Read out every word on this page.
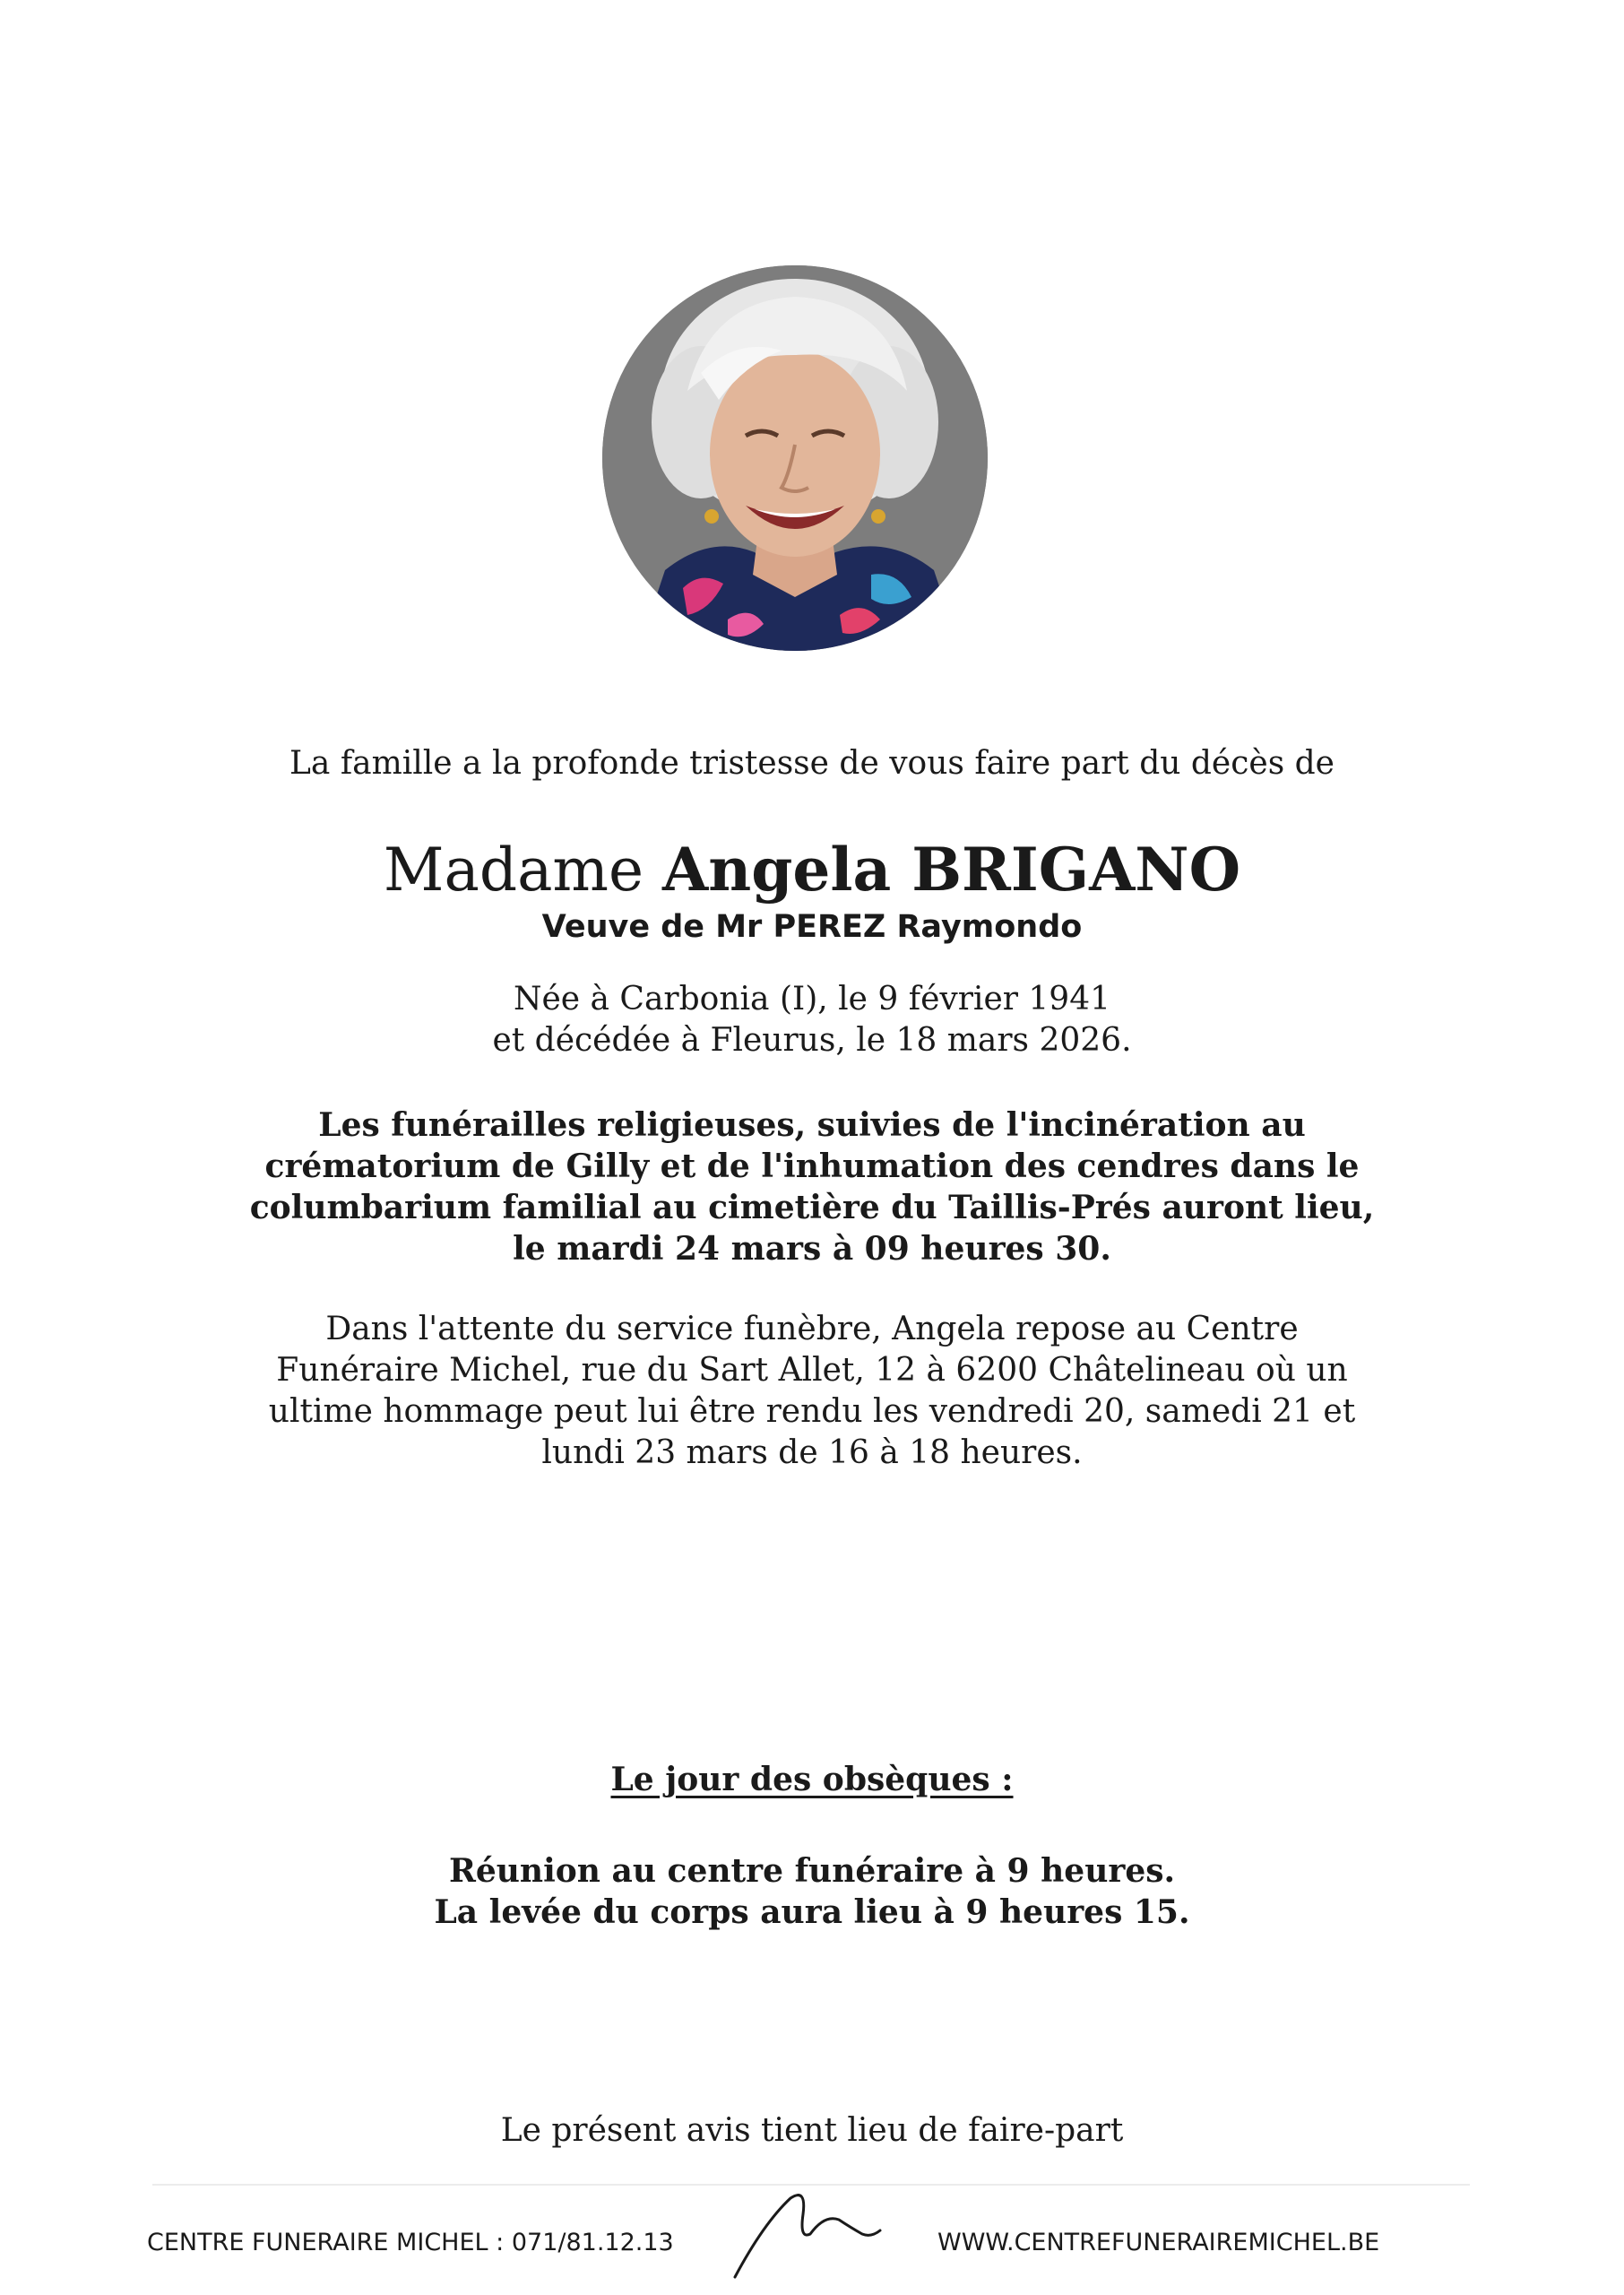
La famille a la profonde tristesse de vous faire part du décès de
Madame Angela BRIGANO
Veuve de Mr PEREZ Raymondo
Née à Carbonia (I), le 9 février 1941
et décédée à Fleurus, le 18 mars 2026.
Les funérailles religieuses, suivies de l'incinération au
crématorium de Gilly et de l'inhumation des cendres dans le
columbarium familial au cimetière du Taillis-Prés auront lieu,
le mardi 24 mars à 09 heures 30.
Dans l'attente du service funèbre, Angela repose au Centre
Funéraire Michel, rue du Sart Allet, 12 à 6200 Châtelineau où un
ultime hommage peut lui être rendu les vendredi 20, samedi 21 et
lundi 23 mars de 16 à 18 heures.
Le jour des obsèques :
Réunion au centre funéraire à 9 heures.
La levée du corps aura lieu à 9 heures 15.
Le présent avis tient lieu de faire-part
CENTRE FUNERAIRE MICHEL : 071/81.12.13	WWW.CENTREFUNERAIREMICHEL.BE
